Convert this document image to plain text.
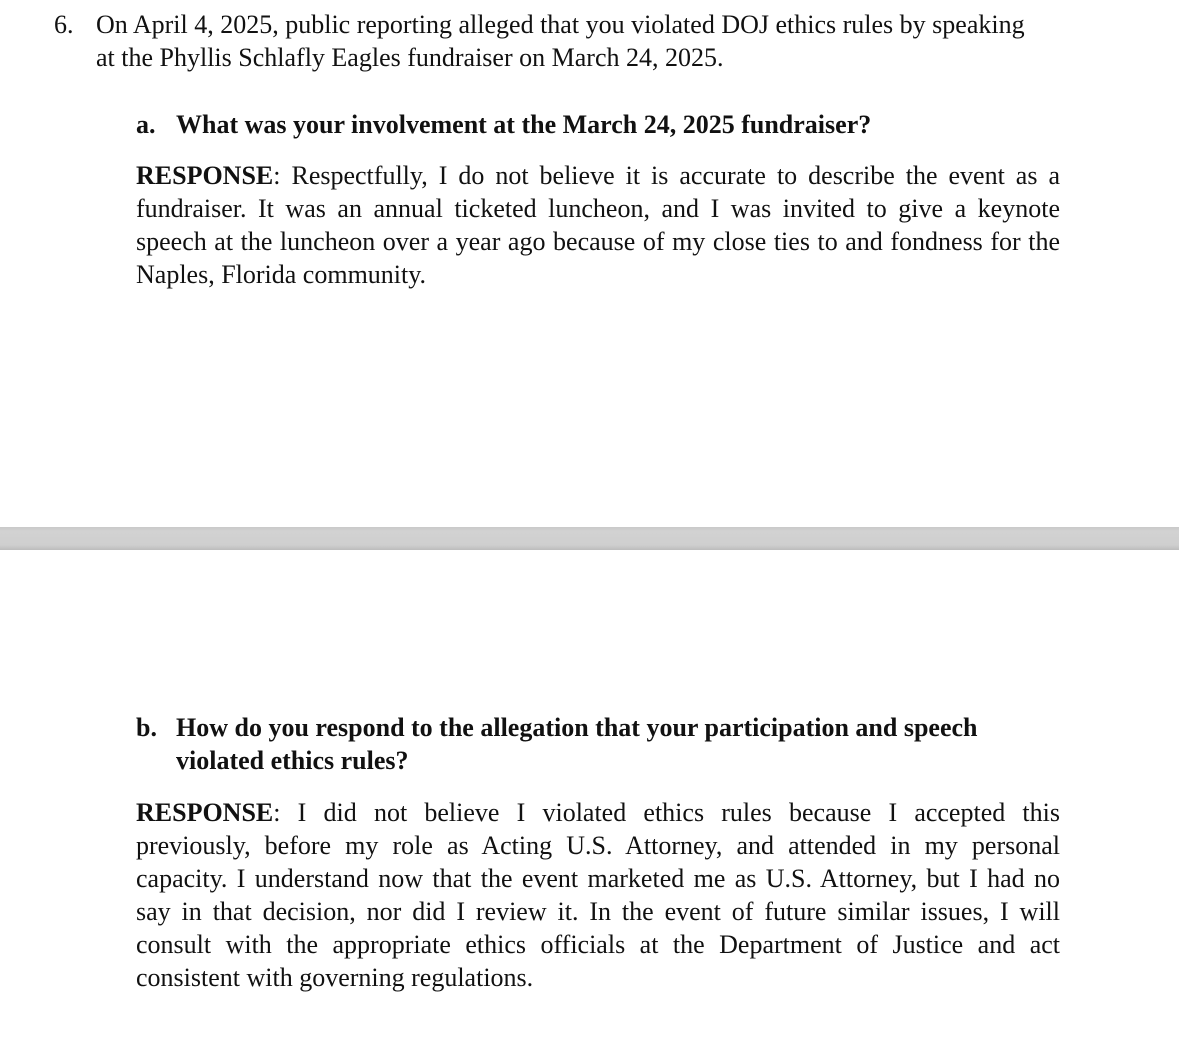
6. On April 4, 2025, public reporting alleged that you violated DOJ ethics rules by speaking
at the Phyllis Schlafly Eagles fundraiser on March 24, 2025.
a. What was your involvement at the March 24, 2025 fundraiser?
RESPONSE: Respectfully, I do not believe it is accurate to describe the event as a
fundraiser. It was an annual ticketed luncheon, and I was invited to give a keynote
speech at the luncheon over a year ago because of my close ties to and fondness for the
Naples, Florida community.
b. How do you respond to the allegation that your participation and speech
violated ethics rules?
RESPONSE: I did not believe I violated ethics rules because I accepted this
previously, before my role as Acting U.S. Attorney, and attended in my personal
capacity. I understand now that the event marketed me as U.S. Attorney, but I had no
say in that decision, nor did I review it. In the event of future similar issues, I will
consult with the appropriate ethics officials at the Department of Justice and act
consistent with governing regulations.
